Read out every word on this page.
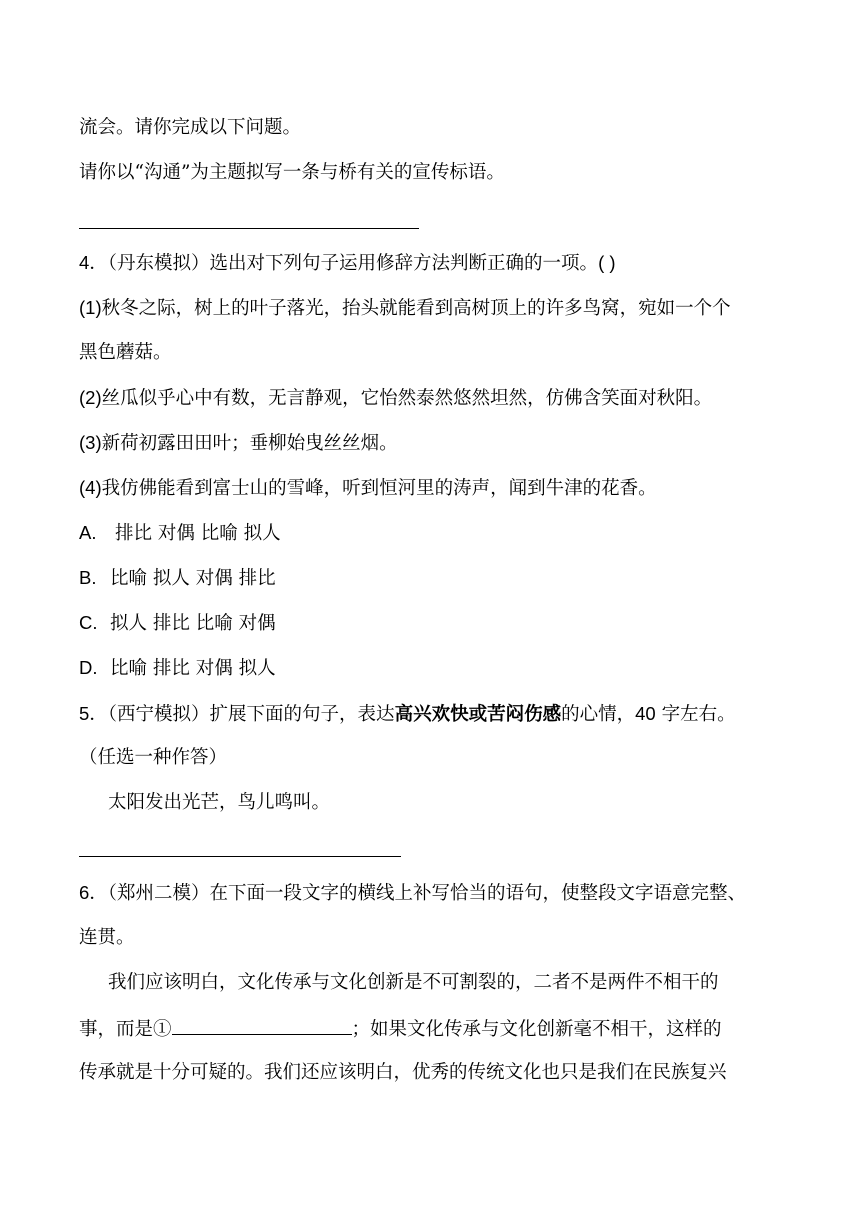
流会。请你完成以下问题。
请你以“沟通”为主题拟写一条与桥有关的宣传标语。
4．（丹东模拟）选出对下列句子运用修辞方法判断正确的一项。( )
(1)秋冬之际，树上的叶子落光，抬头就能看到高树顶上的许多鸟窝，宛如一个个
黑色蘑菇。
(2)丝瓜似乎心中有数，无言静观，它怡然泰然悠然坦然，仿佛含笑面对秋阳。
(3)新荷初露田田叶；垂柳始曳丝丝烟。
(4)我仿佛能看到富士山的雪峰，听到恒河里的涛声，闻到牛津的花香。
A. 排比 对偶 比喻 拟人
B. 比喻 拟人 对偶 排比
C. 拟人 排比 比喻 对偶
D. 比喻 排比 对偶 拟人
5．（西宁模拟）扩展下面的句子，表达高兴欢快或苦闷伤感的心情，40 字左右。
（任选一种作答）
太阳发出光芒，鸟儿鸣叫。
6．（郑州二模）在下面一段文字的横线上补写恰当的语句，使整段文字语意完整、
连贯。
我们应该明白，文化传承与文化创新是不可割裂的，二者不是两件不相干的
事，而是①	；如果文化传承与文化创新毫不相干，这样的
传承就是十分可疑的。我们还应该明白，优秀的传统文化也只是我们在民族复兴
